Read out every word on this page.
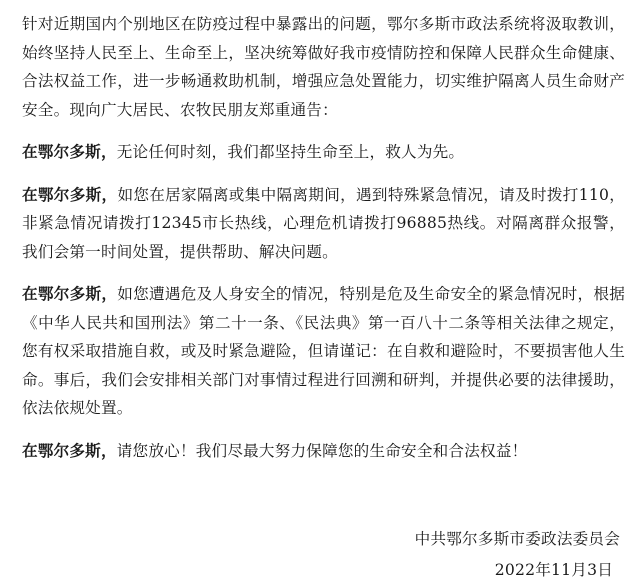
针对近期国内个别地区在防疫过程中暴露出的问题，鄂尔多斯市政法系统将汲取教训，始终坚持人民至上、生命至上，坚决统筹做好我市疫情防控和保障人民群众生命健康、合法权益工作，进一步畅通救助机制，增强应急处置能力，切实维护隔离人员生命财产安全。现向广大居民、农牧民朋友郑重通告：

在鄂尔多斯，无论任何时刻，我们都坚持生命至上，救人为先。

在鄂尔多斯，如您在居家隔离或集中隔离期间，遇到特殊紧急情况，请及时拨打110，非紧急情况请拨打12345市长热线，心理危机请拨打96885热线。对隔离群众报警，我们会第一时间处置，提供帮助、解决问题。

在鄂尔多斯，如您遭遇危及人身安全的情况，特别是危及生命安全的紧急情况时，根据《中华人民共和国刑法》第二十一条、《民法典》第一百八十二条等相关法律之规定，您有权采取措施自救，或及时紧急避险，但请谨记：在自救和避险时，不要损害他人生命。事后，我们会安排相关部门对事情过程进行回溯和研判，并提供必要的法律援助，依法依规处置。

在鄂尔多斯，请您放心！我们尽最大努力保障您的生命安全和合法权益！

中共鄂尔多斯市委政法委员会
2022年11月3日
